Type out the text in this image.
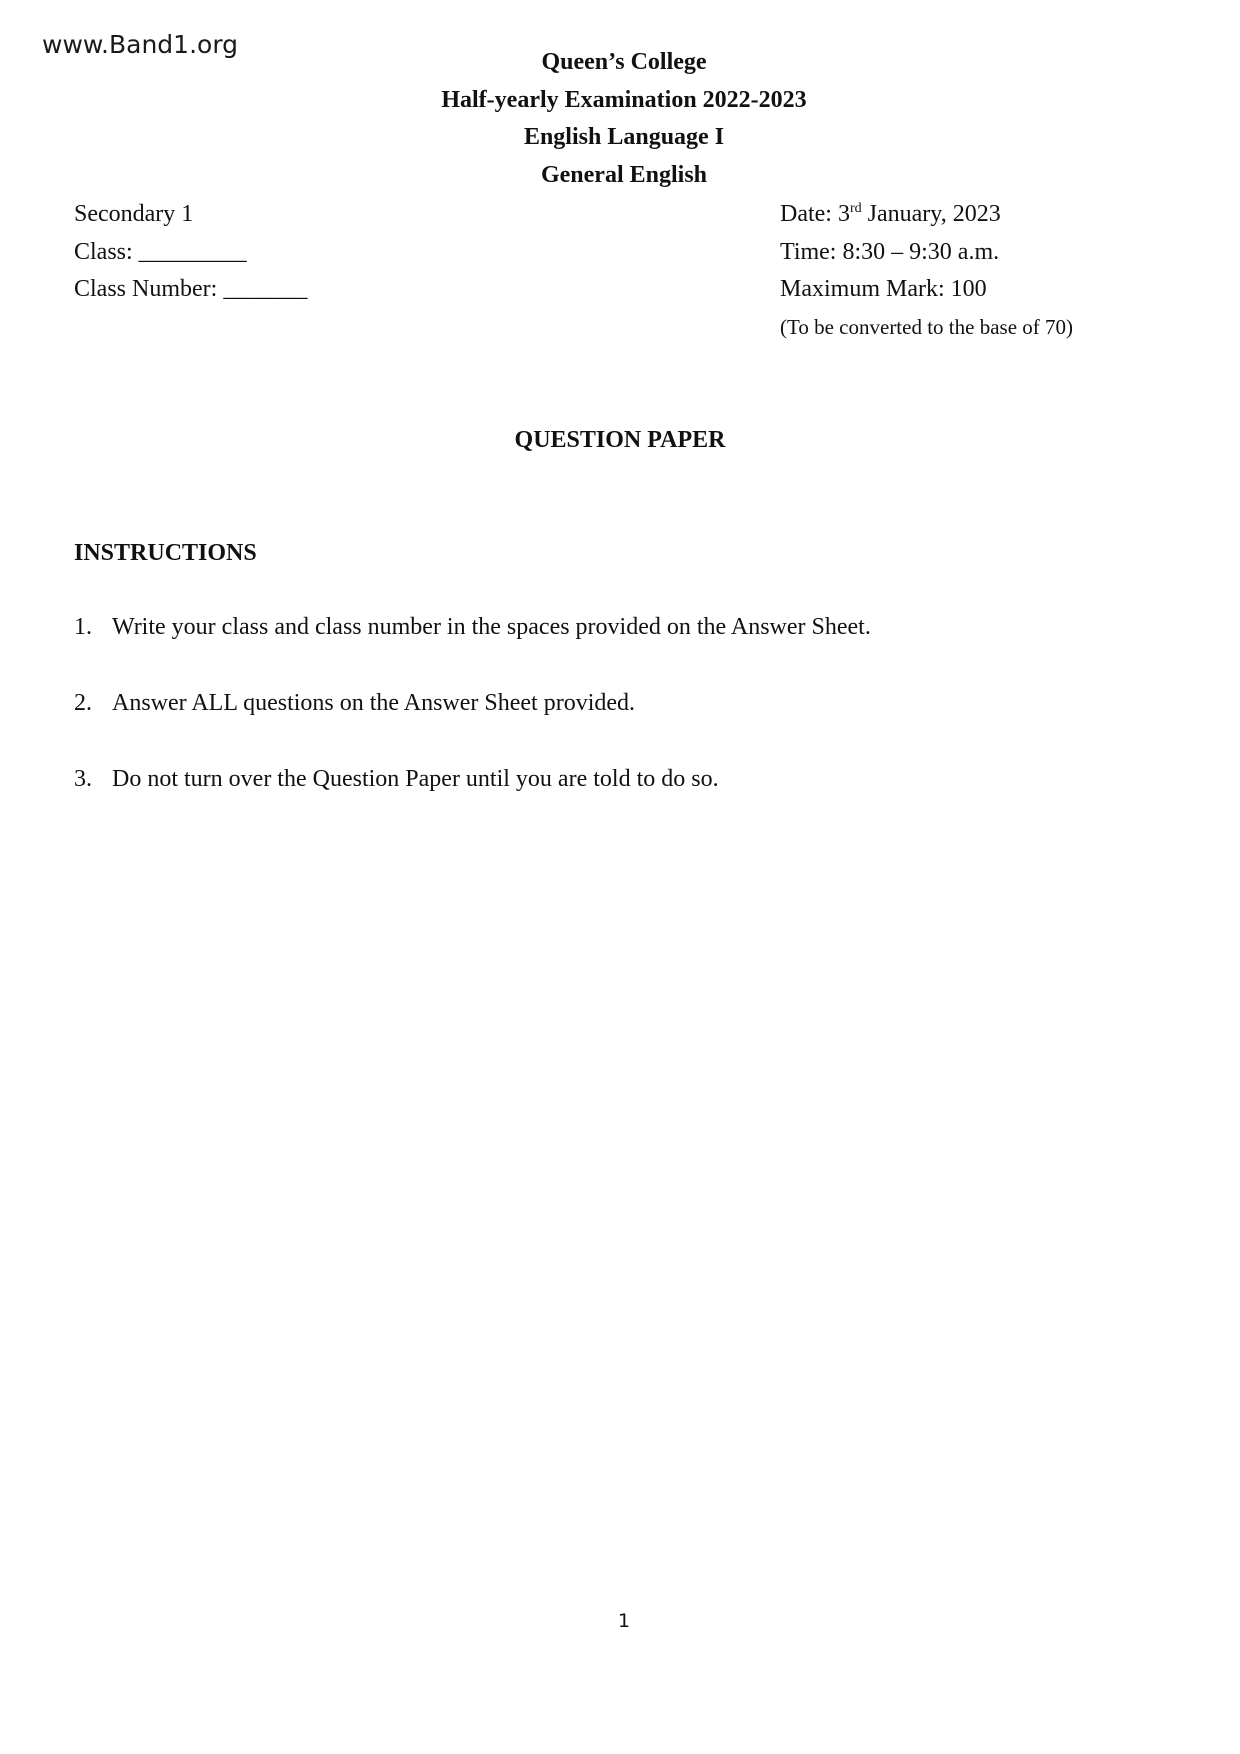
www.Band1.org
Queen’s College
Half-yearly Examination 2022-2023
English Language I
General English
Secondary 1
Class: _________
Class Number: _______
Date: 3rd January, 2023
Time: 8:30 – 9:30 a.m.
Maximum Mark: 100
(To be converted to the base of 70)
QUESTION PAPER
INSTRUCTIONS
1. Write your class and class number in the spaces provided on the Answer Sheet.
2. Answer ALL questions on the Answer Sheet provided.
3. Do not turn over the Question Paper until you are told to do so.
1
